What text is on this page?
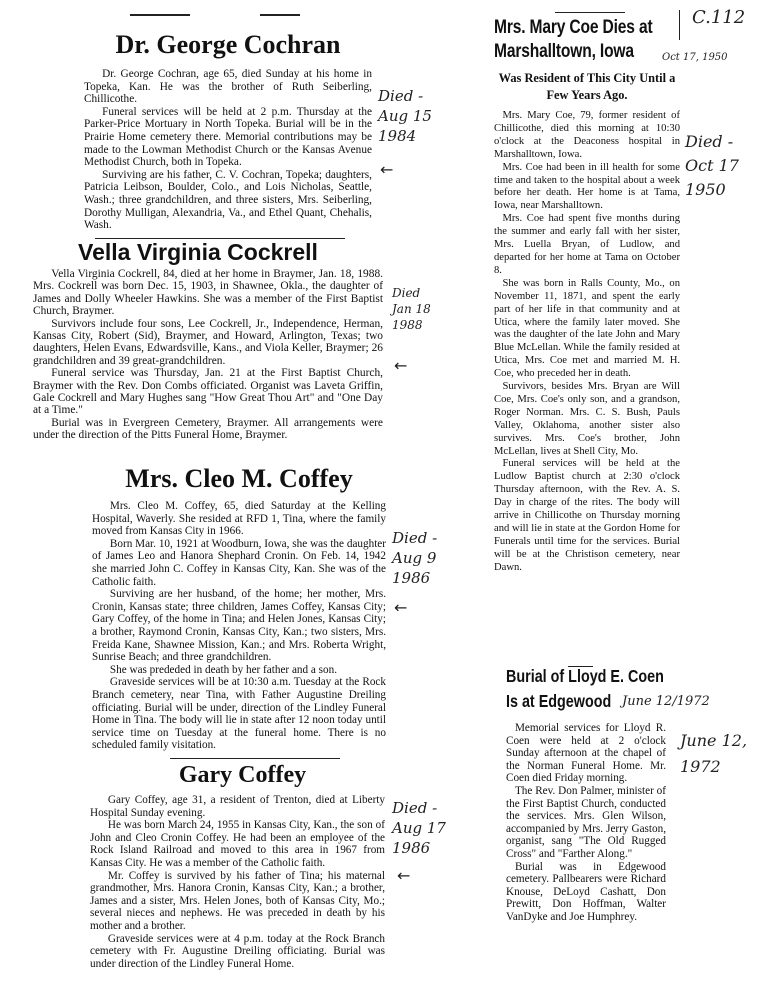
Dr. George Cochran

Dr. George Cochran, age 65, died Sunday at his home in Topeka, Kan. He was the brother of Ruth Seiberling, Chillicothe.

Funeral services will be held at 2 p.m. Thursday at the Parker-Price Mortuary in North Topeka. Burial will be in the Prairie Home cemetery there. Memorial contributions may be made to the Lowman Methodist Church or the Kansas Avenue Methodist Church, both in Topeka.

Surviving are his father, C. V. Cochran, Topeka; daughters, Patricia Leibson, Boulder, Colo., and Lois Nicholas, Seattle, Wash.; three grandchildren, and three sisters, Mrs. Seiberling, Dorothy Mulligan, Alexandria, Va., and Ethel Quant, Chehalis, Wash.

Vella Virginia Cockrell

Vella Virginia Cockrell, 84, died at her home in Braymer, Jan. 18, 1988. Mrs. Cockrell was born Dec. 15, 1903, in Shawnee, Okla., the daughter of James and Dolly Wheeler Hawkins. She was a member of the First Baptist Church, Braymer.

Survivors include four sons, Lee Cockrell, Jr., Independence, Herman, Kansas City, Robert (Sid), Braymer, and Howard, Arlington, Texas; two daughters, Helen Evans, Edwardsville, Kans., and Viola Keller, Braymer; 26 grandchildren and 39 great-grandchildren.

Funeral service was Thursday, Jan. 21 at the First Baptist Church, Braymer with the Rev. Don Combs officiated. Organist was Laveta Griffin, Gale Cockrell and Mary Hughes sang "How Great Thou Art" and "One Day at a Time."

Burial was in Evergreen Cemetery, Braymer. All arrangements were under the direction of the Pitts Funeral Home, Braymer.

Mrs. Cleo M. Coffey

Mrs. Cleo M. Coffey, 65, died Saturday at the Kelling Hospital, Waverly. She resided at RFD 1, Tina, where the family moved from Kansas City in 1966.

Born Mar. 10, 1921 at Woodburn, Iowa, she was the daughter of James Leo and Hanora Shephard Cronin. On Feb. 14, 1942 she married John C. Coffey in Kansas City, Kan. She was of the Catholic faith.

Surviving are her husband, of the home; her mother, Mrs. Cronin, Kansas state; three children, James Coffey, Kansas City; Gary Coffey, of the home in Tina; and Helen Jones, Kansas City; a brother, Raymond Cronin, Kansas City, Kan.; two sisters, Mrs. Freida Kane, Shawnee Mission, Kan.; and Mrs. Roberta Wright, Sunrise Beach; and three grandchildren.

She was prededed in death by her father and a son.

Graveside services will be at 10:30 a.m. Tuesday at the Rock Branch cemetery, near Tina, with Father Augustine Dreiling officiating. Burial will be under, direction of the Lindley Funeral Home in Tina. The body will lie in state after 12 noon today until service time on Tuesday at the funeral home. There is no scheduled family visitation.

Gary Coffey

Gary Coffey, age 31, a resident of Trenton, died at Liberty Hospital Sunday evening.

He was born March 24, 1955 in Kansas City, Kan., the son of John and Cleo Cronin Coffey. He had been an employee of the Rock Island Railroad and moved to this area in 1967 from Kansas City. He was a member of the Catholic faith.

Mr. Coffey is survived by his father of Tina; his maternal grandmother, Mrs. Hanora Cronin, Kansas City, Kan.; a brother, James and a sister, Mrs. Helen Jones, both of Kansas City, Mo.; several nieces and nephews. He was preceded in death by his mother and a brother.

Graveside services were at 4 p.m. today at the Rock Branch cemetery with Fr. Augustine Dreiling officiating. Burial was under direction of the Lindley Funeral Home.

Mrs. Mary Coe Dies at Marshalltown, Iowa
Was Resident of This City Until a Few Years Ago.

Mrs. Mary Coe, 79, former resident of Chillicothe, died this morning at 10:30 o'clock at the Deaconess hospital in Marshalltown, Iowa.

Mrs. Coe had been in ill health for some time and taken to the hospital about a week before her death. Her home is at Tama, Iowa, near Marshalltown.

Mrs. Coe had spent five months during the summer and early fall with her sister, Mrs. Luella Bryan, of Ludlow, and departed for her home at Tama on October 8.

She was born in Ralls County, Mo., on November 11, 1871, and spent the early part of her life in that community and at Utica, where the family later moved. She was the daughter of the late John and Mary Blue McLellan. While the family resided at Utica, Mrs. Coe met and married M. H. Coe, who preceded her in death.

Survivors, besides Mrs. Bryan are Will Coe, Mrs. Coe's only son, and a grandson, Roger Norman. Mrs. C. S. Bush, Pauls Valley, Oklahoma, another sister also survives. Mrs. Coe's brother, John McLellan, lives at Shell City, Mo.

Funeral services will be held at the Ludlow Baptist church at 2:30 o'clock Thursday afternoon, with the Rev. A. S. Day in charge of the rites. The body will arrive in Chillicothe on Thursday morning and will lie in state at the Gordon Home for Funerals until time for the services. Burial will be at the Christison cemetery, near Dawn.

Burial of Lloyd E. Coen
Is at Edgewood

Memorial services for Lloyd R. Coen were held at 2 o'clock Sunday afternoon at the chapel of the Norman Funeral Home. Mr. Coen died Friday morning.

The Rev. Don Palmer, minister of the First Baptist Church, conducted the services. Mrs. Glen Wilson, accompanied by Mrs. Jerry Gaston, organist, sang "The Old Rugged Cross" and "Farther Along."

Burial was in Edgewood cemetery. Pallbearers were Richard Knouse, DeLoyd Cashatt, Don Prewitt, Don Hoffman, Walter VanDyke and Joe Humphrey.

C.112
Died -
Aug 15
1984
←
Died
Jan 18
1988
←
Died -
Aug 9
1986
←
Died -
Aug 17
1986
←
Died -
Oct 17
1950
Oct 17, 1950
June 12,
1972
June 12/1972
